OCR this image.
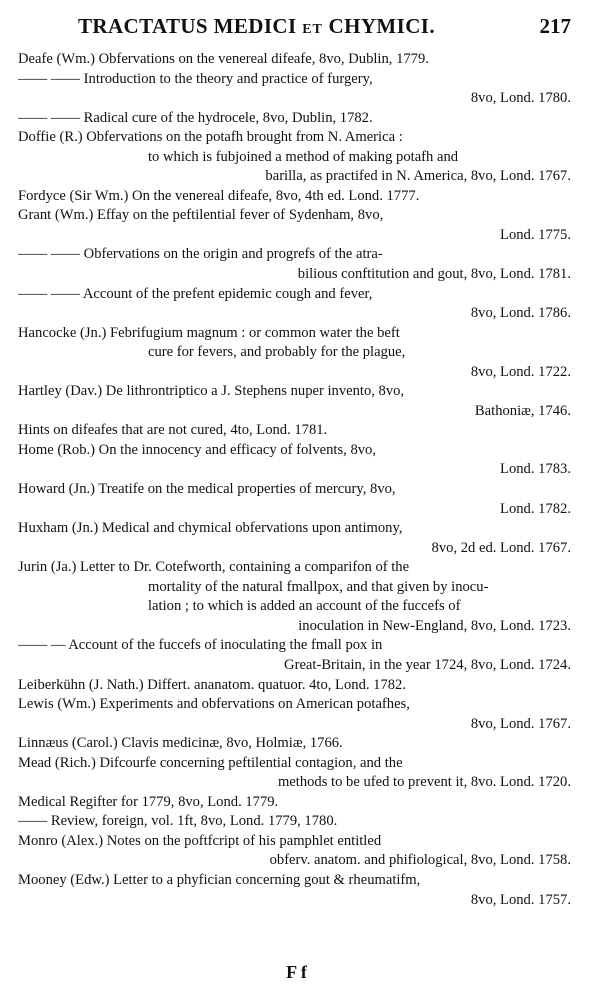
TRACTATUS MEDICI ET CHYMICI.	217
Deafe (Wm.) Obfervations on the venereal difeafe, 8vo, Dublin, 1779.
—— —— Introduction to the theory and practice of furgery,
8vo, Lond. 1780.
—— —— Radical cure of the hydrocele, 8vo, Dublin, 1782.
Doffie (R.) Obfervations on the potafh brought from N. America :
to which is fubjoined a method of making potafh and
barilla, as practifed in N. America, 8vo, Lond. 1767.
Fordyce (Sir Wm.) On the venereal difeafe, 8vo, 4th ed. Lond. 1777.
Grant (Wm.) Effay on the peftilential fever of Sydenham, 8vo,
Lond. 1775.
—— —— Obfervations on the origin and progrefs of the atra-
bilious conftitution and gout, 8vo, Lond. 1781.
—— —— Account of the prefent epidemic cough and fever,
8vo, Lond. 1786.
Hancocke (Jn.) Febrifugium magnum : or common water the beft
cure for fevers, and probably for the plague,
8vo, Lond. 1722.
Hartley (Dav.) De lithrontriptico a J. Stephens nuper invento, 8vo,
Bathoniæ, 1746.
Hints on difeafes that are not cured, 4to, Lond. 1781.
Home (Rob.) On the innocency and efficacy of folvents, 8vo,
Lond. 1783.
Howard (Jn.) Treatife on the medical properties of mercury, 8vo,
Lond. 1782.
Huxham (Jn.) Medical and chymical obfervations upon antimony,
8vo, 2d ed. Lond. 1767.
Jurin (Ja.) Letter to Dr. Cotefworth, containing a comparifon of the
mortality of the natural fmallpox, and that given by inocu-
lation ; to which is added an account of the fuccefs of
inoculation in New-England, 8vo, Lond. 1723.
—— — Account of the fuccefs of inoculating the fmall pox in
Great-Britain, in the year 1724, 8vo, Lond. 1724.
Leiberkühn (J. Nath.) Differt. ananatom. quatuor. 4to, Lond. 1782.
Lewis (Wm.) Experiments and obfervations on American potafhes,
8vo, Lond. 1767.
Linnæus (Carol.) Clavis medicinæ, 8vo, Holmiæ, 1766.
Mead (Rich.) Difcourfe concerning peftilential contagion, and the
methods to be ufed to prevent it, 8vo. Lond. 1720.
Medical Regifter for 1779, 8vo, Lond. 1779.
—— Review, foreign, vol. 1ft, 8vo, Lond. 1779, 1780.
Monro (Alex.) Notes on the poftfcript of his pamphlet entitled
obferv. anatom. and phifiological, 8vo, Lond. 1758.
Mooney (Edw.) Letter to a phyfician concerning gout & rheumatifm,
8vo, Lond. 1757.
F f
